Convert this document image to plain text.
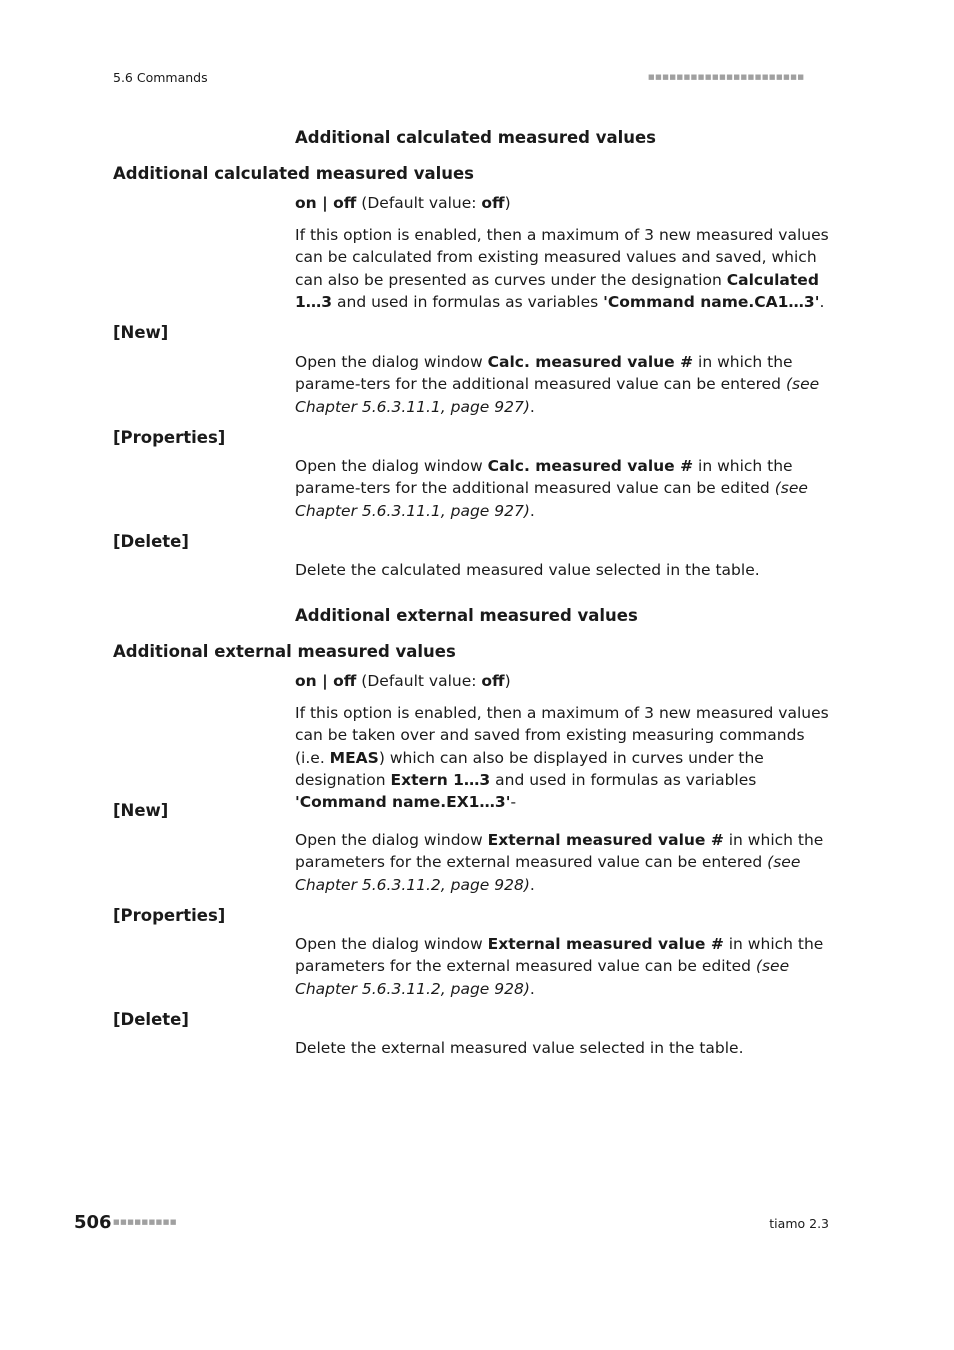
5.6 Commands	■■■■■■■■■■■■■■■■■■■■■■
Additional calculated measured values
Additional calculated measured values
on | off (Default value: off)
If this option is enabled, then a maximum of 3 new measured values can be calculated from existing measured values and saved, which can also be presented as curves under the designation Calculated 1…3 and used in formulas as variables 'Command name.CA1…3'.
[New]
Open the dialog window Calc. measured value # in which the parame-ters for the additional measured value can be entered (see Chapter 5.6.3.11.1, page 927).
[Properties]
Open the dialog window Calc. measured value # in which the parame-ters for the additional measured value can be edited (see Chapter 5.6.3.11.1, page 927).
[Delete]
Delete the calculated measured value selected in the table.
Additional external measured values
Additional external measured values
on | off (Default value: off)
If this option is enabled, then a maximum of 3 new measured values can be taken over and saved from existing measuring commands (i.e. MEAS) which can also be displayed in curves under the designation Extern 1…3 and used in formulas as variables 'Command name.EX1…3'-
[New]
Open the dialog window External measured value # in which the parameters for the external measured value can be entered (see Chapter 5.6.3.11.2, page 928).
[Properties]
Open the dialog window External measured value # in which the parameters for the external measured value can be edited (see Chapter 5.6.3.11.2, page 928).
[Delete]
Delete the external measured value selected in the table.
506 ■■■■■■■■■	tiamo 2.3
